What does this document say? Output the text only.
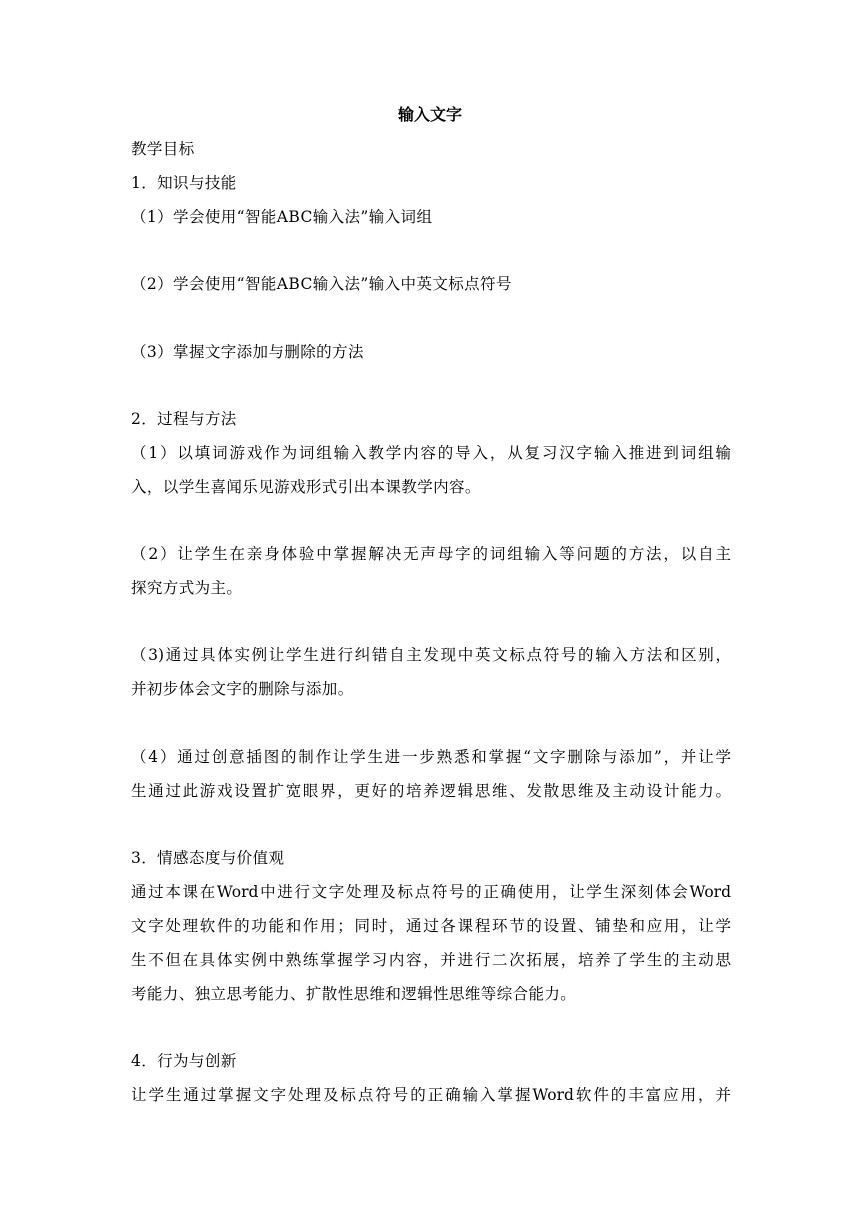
输入文字
教学目标
1．知识与技能
（1）学会使用“智能ABC输入法”输入词组
（2）学会使用“智能ABC输入法”输入中英文标点符号
（3）掌握文字添加与删除的方法
2．过程与方法
（1）以填词游戏作为词组输入教学内容的导入，从复习汉字输入推进到词组输
入，以学生喜闻乐见游戏形式引出本课教学内容。
（2）让学生在亲身体验中掌握解决无声母字的词组输入等问题的方法，以自主
探究方式为主。
（3)通过具体实例让学生进行纠错自主发现中英文标点符号的输入方法和区别，
并初步体会文字的删除与添加。
（4）通过创意插图的制作让学生进一步熟悉和掌握“文字删除与添加”，并让学
生通过此游戏设置扩宽眼界，更好的培养逻辑思维、发散思维及主动设计能力。
3．情感态度与价值观
通过本课在Word中进行文字处理及标点符号的正确使用，让学生深刻体会Word
文字处理软件的功能和作用；同时，通过各课程环节的设置、铺垫和应用，让学
生不但在具体实例中熟练掌握学习内容，并进行二次拓展，培养了学生的主动思
考能力、独立思考能力、扩散性思维和逻辑性思维等综合能力。
4．行为与创新
让学生通过掌握文字处理及标点符号的正确输入掌握Word软件的丰富应用，并
